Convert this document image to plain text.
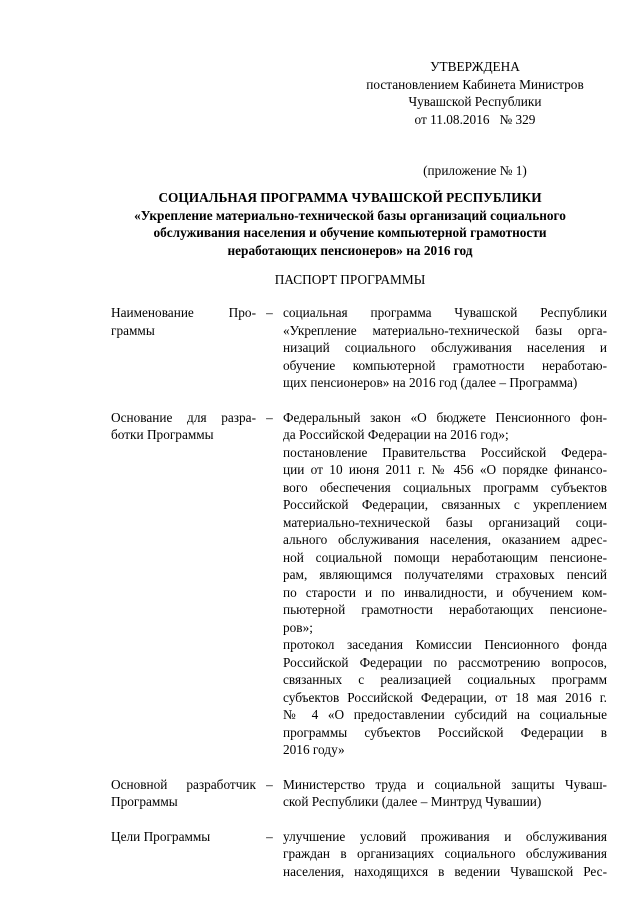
УТВЕРЖДЕНА
постановлением Кабинета Министров
Чувашской Республики
от 11.08.2016   № 329
(приложение № 1)
СОЦИАЛЬНАЯ ПРОГРАММА ЧУВАШСКОЙ РЕСПУБЛИКИ
«Укрепление материально-технической базы организаций социального
обслуживания населения и обучение компьютерной грамотности
неработающих пенсионеров» на 2016 год
ПАСПОРТ ПРОГРАММЫ
Наименование     Про-
граммы
– социальная программа Чувашской Республики
«Укрепление материально-технической базы орга-
низаций социального обслуживания населения и
обучение компьютерной грамотности неработаю-
щих пенсионеров» на 2016 год (далее – Программа)
Основание для разра-
ботки Программы
– Федеральный закон «О бюджете Пенсионного фон-
да Российской Федерации на 2016 год»;
постановление Правительства Российской Федера-
ции от 10 июня 2011 г. № 456 «О порядке финансо-
вого обеспечения социальных программ субъектов
Российской Федерации, связанных с укреплением
материально-технической базы организаций соци-
ального обслуживания населения, оказанием адрес-
ной социальной помощи неработающим пенсионе-
рам, являющимся получателями страховых пенсий
по старости и по инвалидности, и обучением ком-
пьютерной грамотности неработающих пенсионе-
ров»;
протокол заседания Комиссии Пенсионного фонда
Российской Федерации по рассмотрению вопросов,
связанных с реализацией социальных программ
субъектов Российской Федерации, от 18 мая 2016 г.
№ 4 «О предоставлении субсидий на социальные
программы субъектов Российской Федерации в
2016 году»
Основной разработчик
Программы
– Министерство труда и социальной защиты Чуваш-
ской Республики (далее – Минтруд Чувашии)
Цели Программы	– улучшение условий проживания и обслуживания
граждан в организациях социального обслуживания
населения, находящихся в ведении Чувашской Рес-
